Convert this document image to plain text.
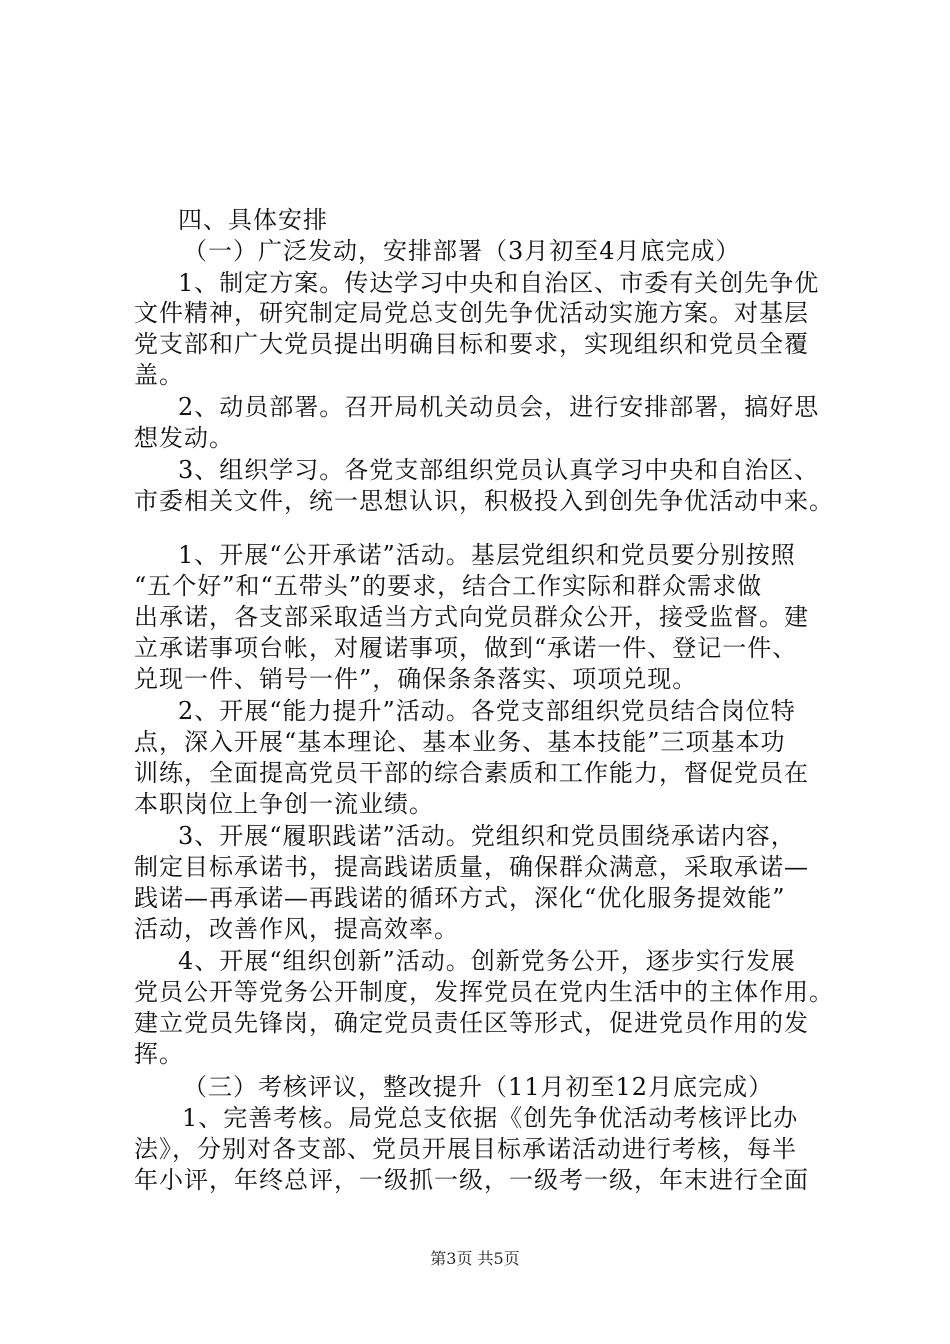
四、具体安排
（一）广泛发动，安排部署（3月初至4月底完成）
1、制定方案。传达学习中央和自治区、市委有关创先争优
文件精神，研究制定局党总支创先争优活动实施方案。对基层
党支部和广大党员提出明确目标和要求，实现组织和党员全覆
盖。
2、动员部署。召开局机关动员会，进行安排部署，搞好思
想发动。
3、组织学习。各党支部组织党员认真学习中央和自治区、
市委相关文件，统一思想认识，积极投入到创先争优活动中来。
1、开展“公开承诺”活动。基层党组织和党员要分别按照
“五个好”和“五带头”的要求，结合工作实际和群众需求做
出承诺，各支部采取适当方式向党员群众公开，接受监督。建
立承诺事项台帐，对履诺事项，做到“承诺一件、登记一件、
兑现一件、销号一件”，确保条条落实、项项兑现。
2、开展“能力提升”活动。各党支部组织党员结合岗位特
点，深入开展“基本理论、基本业务、基本技能”三项基本功
训练，全面提高党员干部的综合素质和工作能力，督促党员在
本职岗位上争创一流业绩。
3、开展“履职践诺”活动。党组织和党员围绕承诺内容，
制定目标承诺书，提高践诺质量，确保群众满意，采取承诺—
践诺—再承诺—再践诺的循环方式，深化“优化服务提效能”
活动，改善作风，提高效率。
4、开展“组织创新”活动。创新党务公开，逐步实行发展
党员公开等党务公开制度，发挥党员在党内生活中的主体作用。
建立党员先锋岗，确定党员责任区等形式，促进党员作用的发
挥。
（三）考核评议，整改提升（11月初至12月底完成）
1、完善考核。局党总支依据《创先争优活动考核评比办
法》，分别对各支部、党员开展目标承诺活动进行考核，每半
年小评，年终总评，一级抓一级，一级考一级，年末进行全面
第3页 共5页
